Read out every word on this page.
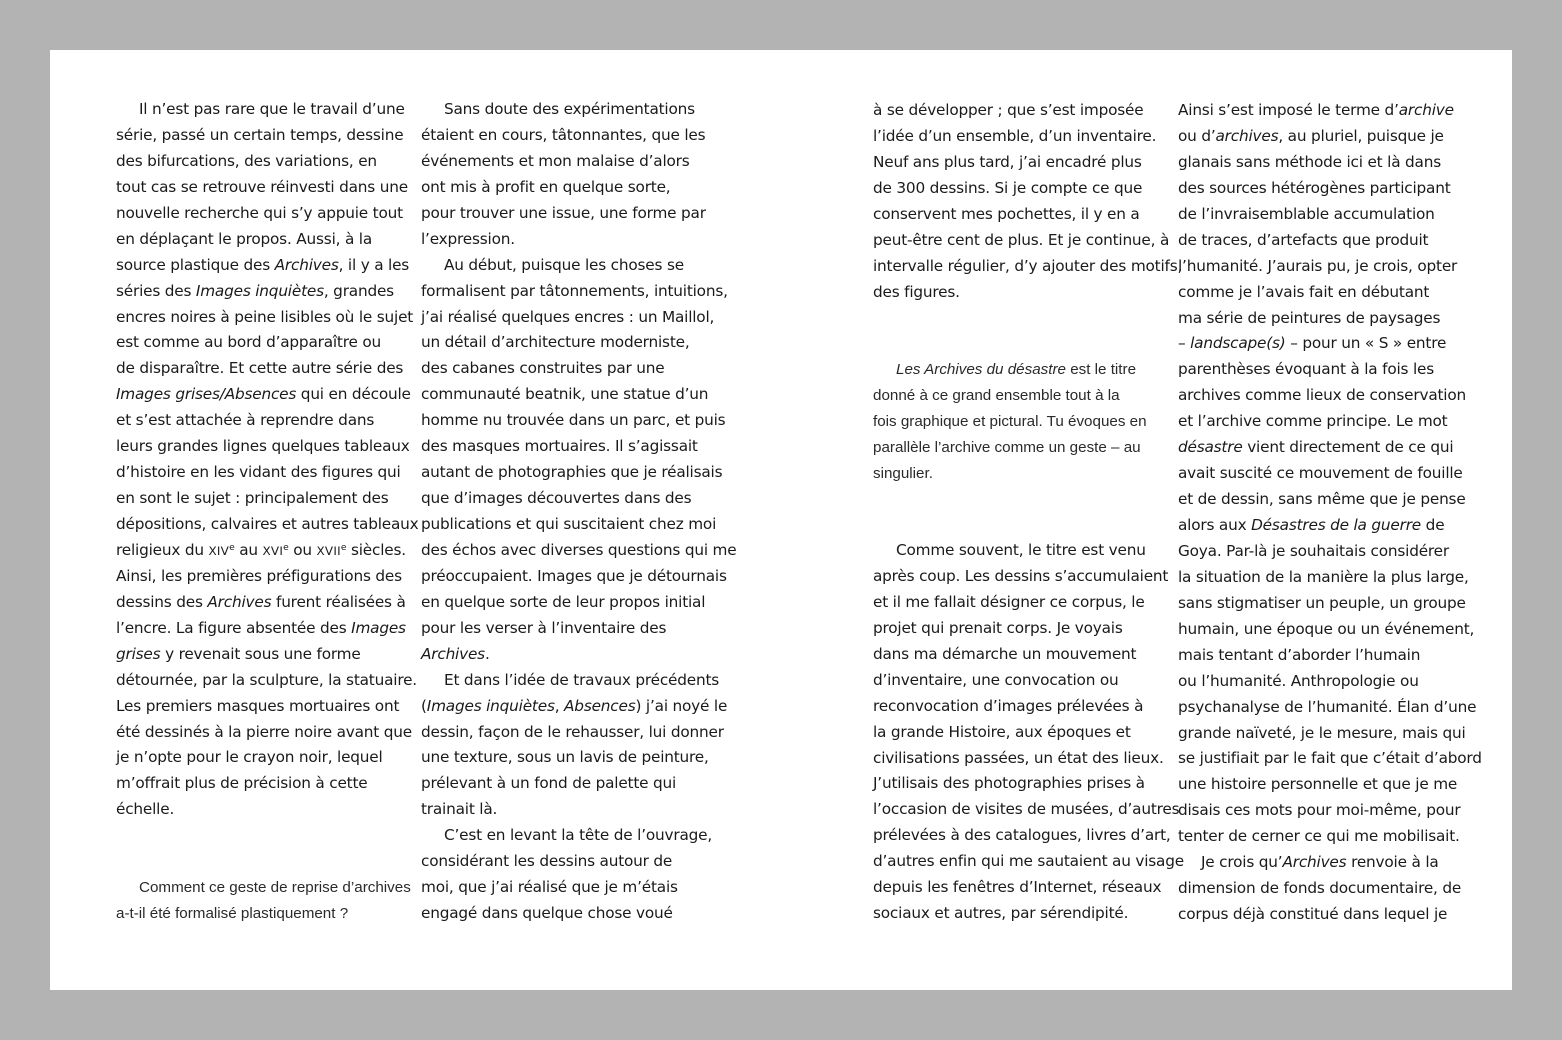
Il n’est pas rare que le travail d’une
série, passé un certain temps, dessine
des bifurcations, des variations, en
tout cas se retrouve réinvesti dans une
nouvelle recherche qui s’y appuie tout
en déplaçant le propos. Aussi, à la
source plastique des Archives, il y a les
séries des Images inquiètes, grandes
encres noires à peine lisibles où le sujet
est comme au bord d’apparaître ou
de disparaître. Et cette autre série des
Images grises/Absences qui en découle
et s’est attachée à reprendre dans
leurs grandes lignes quelques tableaux
d’histoire en les vidant des figures qui
en sont le sujet : principalement des
dépositions, calvaires et autres tableaux
religieux du XIVe au XVIe ou XVIIe siècles.
Ainsi, les premières préfigurations des
dessins des Archives furent réalisées à
l’encre. La figure absentée des Images
grises y revenait sous une forme
détournée, par la sculpture, la statuaire.
Les premiers masques mortuaires ont
été dessinés à la pierre noire avant que
je n’opte pour le crayon noir, lequel
m’offrait plus de précision à cette
échelle.
Comment ce geste de reprise d’archives
a-t-il été formalisé plastiquement ?
Sans doute des expérimentations
étaient en cours, tâtonnantes, que les
événements et mon malaise d’alors
ont mis à profit en quelque sorte,
pour trouver une issue, une forme par
l’expression.
Au début, puisque les choses se
formalisent par tâtonnements, intuitions,
j’ai réalisé quelques encres : un Maillol,
un détail d’architecture moderniste,
des cabanes construites par une
communauté beatnik, une statue d’un
homme nu trouvée dans un parc, et puis
des masques mortuaires. Il s’agissait
autant de photographies que je réalisais
que d’images découvertes dans des
publications et qui suscitaient chez moi
des échos avec diverses questions qui me
préoccupaient. Images que je détournais
en quelque sorte de leur propos initial
pour les verser à l’inventaire des
Archives.
Et dans l’idée de travaux précédents
(Images inquiètes, Absences) j’ai noyé le
dessin, façon de le rehausser, lui donner
une texture, sous un lavis de peinture,
prélevant à un fond de palette qui
trainait là.
C’est en levant la tête de l’ouvrage,
considérant les dessins autour de
moi, que j’ai réalisé que je m’étais
engagé dans quelque chose voué
à se développer ; que s’est imposée
l’idée d’un ensemble, d’un inventaire.
Neuf ans plus tard, j’ai encadré plus
de 300 dessins. Si je compte ce que
conservent mes pochettes, il y en a
peut-être cent de plus. Et je continue, à
intervalle régulier, d’y ajouter des motifs,
des figures.
Les Archives du désastre est le titre
donné à ce grand ensemble tout à la
fois graphique et pictural. Tu évoques en
parallèle l’archive comme un geste – au
singulier.
Comme souvent, le titre est venu
après coup. Les dessins s’accumulaient
et il me fallait désigner ce corpus, le
projet qui prenait corps. Je voyais
dans ma démarche un mouvement
d’inventaire, une convocation ou
reconvocation d’images prélevées à
la grande Histoire, aux époques et
civilisations passées, un état des lieux.
J’utilisais des photographies prises à
l’occasion de visites de musées, d’autres
prélevées à des catalogues, livres d’art,
d’autres enfin qui me sautaient au visage
depuis les fenêtres d’Internet, réseaux
sociaux et autres, par sérendipité.
Ainsi s’est imposé le terme d’archive
ou d’archives, au pluriel, puisque je
glanais sans méthode ici et là dans
des sources hétérogènes participant
de l’invraisemblable accumulation
de traces, d’artefacts que produit
l’humanité. J’aurais pu, je crois, opter
comme je l’avais fait en débutant
ma série de peintures de paysages
– landscape(s) – pour un « S » entre
parenthèses évoquant à la fois les
archives comme lieux de conservation
et l’archive comme principe. Le mot
désastre vient directement de ce qui
avait suscité ce mouvement de fouille
et de dessin, sans même que je pense
alors aux Désastres de la guerre de
Goya. Par-là je souhaitais considérer
la situation de la manière la plus large,
sans stigmatiser un peuple, un groupe
humain, une époque ou un événement,
mais tentant d’aborder l’humain
ou l’humanité. Anthropologie ou
psychanalyse de l’humanité. Élan d’une
grande naïveté, je le mesure, mais qui
se justifiait par le fait que c’était d’abord
une histoire personnelle et que je me
disais ces mots pour moi-même, pour
tenter de cerner ce qui me mobilisait.
Je crois qu’Archives renvoie à la
dimension de fonds documentaire, de
corpus déjà constitué dans lequel je
